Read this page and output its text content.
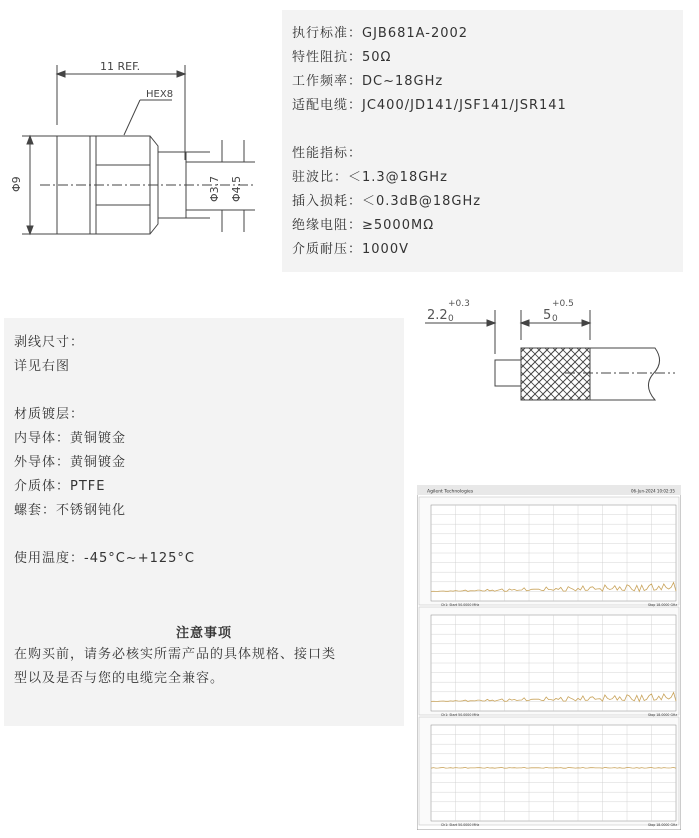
11 REF.
HEX8
Φ9	Φ3.7 Φ4.5
执行标准：GJB681A-2002
特性阻抗：50Ω
工作频率：DC~18GHz
适配电缆：JC400/JD141/JSF141/JSR141
性能指标：
驻波比：＜1.3@18GHz
插入损耗：＜0.3dB@18GHz
绝缘电阻：≥5000MΩ
介质耐压：1000V
剥线尺寸：
详见右图
材质镀层：
内导体：黄铜镀金
外导体：黄铜镀金
介质体：PTFE
螺套：不锈钢钝化
使用温度：-45°C~+125°C
注意事项
在购买前，请务必核实所需产品的具体规格、接口类
型以及是否与您的电缆完全兼容。
2.2
+0.3
0	5
+0.5
0
Agilent Technologies	06-Jun-2024 10:02:35
Ch1: Start 50.0000 MHz	Stop 18.0000 GHz
Ch1: Start 50.0000 MHz	Stop 18.0000 GHz
Ch1: Start 50.0000 MHz	Stop 18.0000 GHz
